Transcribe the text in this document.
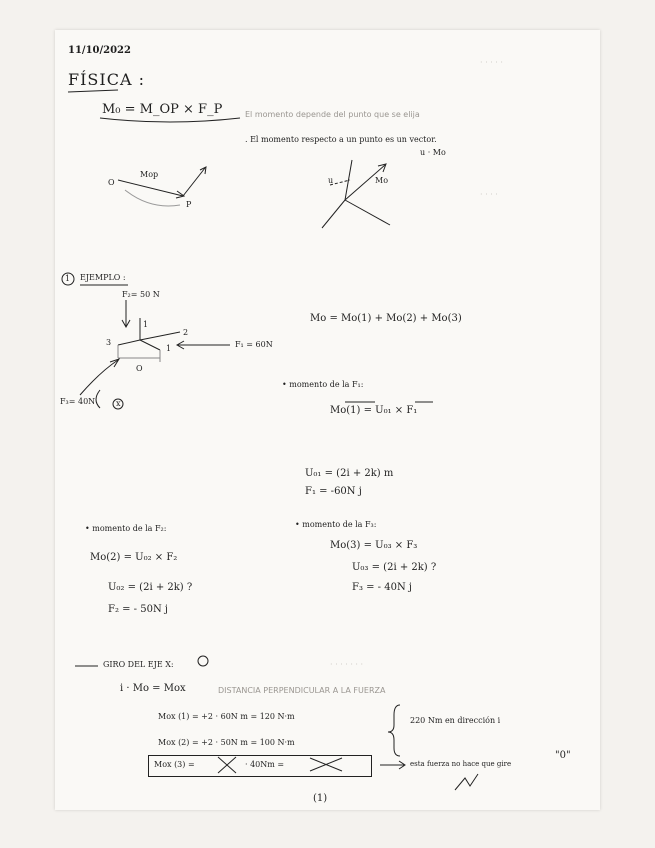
· · · · ·
· · · ·
· · · · · · ·
11/10/2022
FÍSICA :
M₀ = M_OP × F_P	El momento depende del punto que se elija
. El momento respecto a un punto es un vector.
u · Mo
O
P
Mop
Mo
u
1 EJEMPLO :
F₂= 50 N
F₁ = 60N
F₃= 40N	x
1
2
3
O
1
Mo = Mo(1) + Mo(2) + Mo(3)
• momento de la F₁:
Mo(1) = U₀₁ × F₁
U₀₁ = (2i + 2k) m
F₁ = -60N j
• momento de la F₂:
Mo(2) = U₀₂ × F₂
U₀₂ = (2i + 2k) ?
F₂ = - 50N j
• momento de la F₃:
Mo(3) = U₀₃ × F₃
U₀₃ = (2i + 2k) ?
F₃ = - 40N j
GIRO DEL EJE X:
i · Mo = Mox	DISTANCIA PERPENDICULAR A LA FUERZA
Mox (1) = +2 · 60N m = 120 N·m
Mox (2) = +2 · 50N m = 100 N·m
Mox (3) =	· 40Nm =
220 Nm en dirección i
esta fuerza no hace que gire
"0"
(1)
